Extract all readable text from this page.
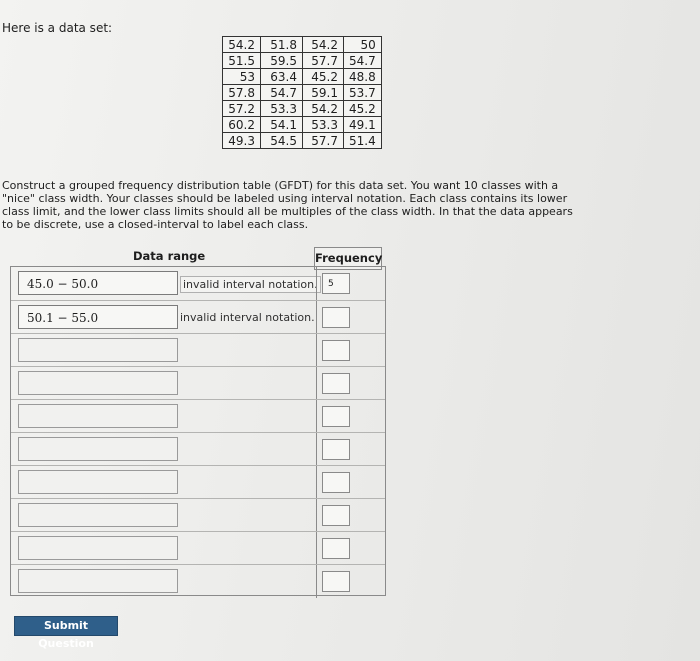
Here is a data set:
54.2	51.8	54.2	50
51.5	59.5	57.7	54.7
53	63.4	45.2	48.8
57.8	54.7	59.1	53.7
57.2	53.3	54.2	45.2
60.2	54.1	53.3	49.1
49.3	54.5	57.7	51.4
Construct a grouped frequency distribution table (GFDT) for this data set. You want 10 classes with a "nice" class width. Your classes should be labeled using interval notation. Each class contains its lower class limit, and the lower class limits should all be multiples of the class width. In that the data appears to be discrete, use a closed-interval to label each class.
Data range	Frequency
45.0 − 50.0	invalid interval notation.	5
50.1 − 55.0	invalid interval notation.
Submit Question
